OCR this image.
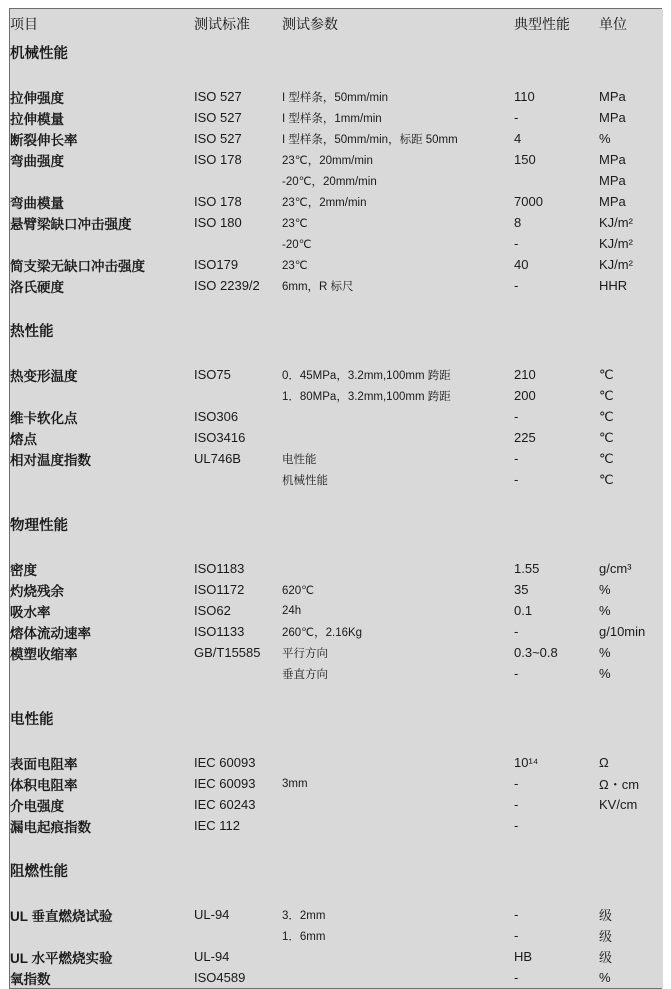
项目	测试标准	测试参数	典型性能	单位
机械性能				

拉伸强度	ISO 527	I 型样条，50mm/min	110	MPa
拉伸模量	ISO 527	I 型样条，1mm/min	-	MPa
断裂伸长率	ISO 527	I 型样条，50mm/min，标距 50mm	4	%
弯曲强度	ISO 178	23℃，20mm/min	150	MPa
		-20℃，20mm/min		MPa
弯曲模量	ISO 178	23℃，2mm/min	7000	MPa
悬臂梁缺口冲击强度	ISO 180	23℃	8	KJ/m²
		-20℃	-	KJ/m²
简支梁无缺口冲击强度	ISO179	23℃	40	KJ/m²
洛氏硬度	ISO 2239/2	6mm，R 标尺	-	HHR

热性能				

热变形温度	ISO75	0．45MPa，3.2mm,100mm 跨距	210	℃
		1．80MPa，3.2mm,100mm 跨距	200	℃
维卡软化点	ISO306		-	℃
熔点	ISO3416		225	℃
相对温度指数	UL746B	电性能	-	℃
		机械性能	-	℃

物理性能				

密度	ISO1183		1.55	g/cm³
灼烧残余	ISO1172	620℃	35	%
吸水率	ISO62	24h	0.1	%
熔体流动速率	ISO1133	260℃，2.16Kg	-	g/10min
模塑收缩率	GB/T15585	平行方向	0.3~0.8	%
		垂直方向	-	%

电性能				

表面电阻率	IEC 60093		10¹⁴	Ω
体积电阻率	IEC 60093	3mm	-	Ω・cm
介电强度	IEC 60243		-	KV/cm
漏电起痕指数	IEC 112		-	

阻燃性能				

UL 垂直燃烧试验	UL-94	3．2mm	-	级
		1．6mm	-	级
UL 水平燃烧实验	UL-94		HB	级
氧指数	ISO4589		-	%
